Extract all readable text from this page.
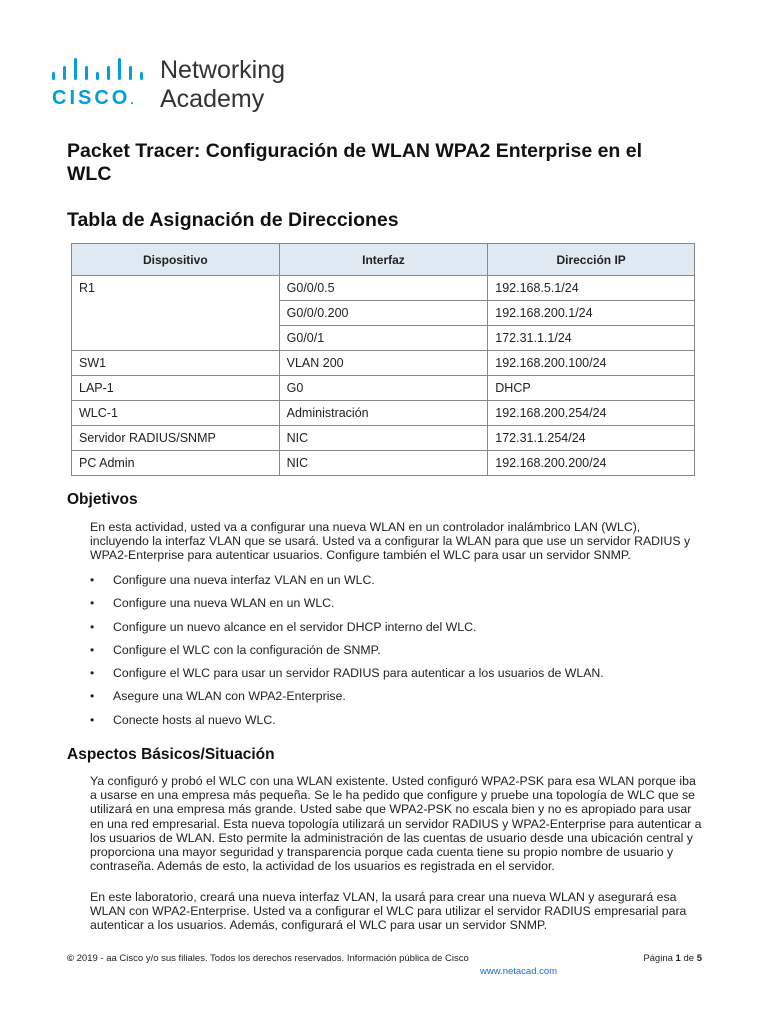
CISCO.
Networking
Academy
Packet Tracer: Configuración de WLAN WPA2 Enterprise en el WLC
Tabla de Asignación de Direcciones
Dispositivo	Interfaz	Dirección IP
R1	G0/0/0.5	192.168.5.1/24
	G0/0/0.200	192.168.200.1/24
	G0/0/1	172.31.1.1/24
SW1	VLAN 200	192.168.200.100/24
LAP-1	G0	DHCP
WLC-1	Administración	192.168.200.254/24
Servidor RADIUS/SNMP	NIC	172.31.1.254/24
PC Admin	NIC	192.168.200.200/24
Objetivos

En esta actividad, usted va a configurar una nueva WLAN en un controlador inalámbrico LAN (WLC), incluyendo la interfaz VLAN que se usará. Usted va a configurar la WLAN para que use un servidor RADIUS y WPA2-Enterprise para autenticar usuarios. Configure también el WLC para usar un servidor SNMP.

• Configure una nueva interfaz VLAN en un WLC.
• Configure una nueva WLAN en un WLC.
• Configure un nuevo alcance en el servidor DHCP interno del WLC.
• Configure el WLC con la configuración de SNMP.
• Configure el WLC para usar un servidor RADIUS para autenticar a los usuarios de WLAN.
• Asegure una WLAN con WPA2-Enterprise.
• Conecte hosts al nuevo WLC.
Aspectos Básicos/Situación

Ya configuró y probó el WLC con una WLAN existente. Usted configuró WPA2-PSK para esa WLAN porque iba a usarse en una empresa más pequeña. Se le ha pedido que configure y pruebe una topología de WLC que se utilizará en una empresa más grande. Usted sabe que WPA2-PSK no escala bien y no es apropiado para usar en una red empresarial. Esta nueva topología utilizará un servidor RADIUS y WPA2-Enterprise para autenticar a los usuarios de WLAN. Esto permite la administración de las cuentas de usuario desde una ubicación central y proporciona una mayor seguridad y transparencia porque cada cuenta tiene su propio nombre de usuario y contraseña. Además de esto, la actividad de los usuarios es registrada en el servidor.

En este laboratorio, creará una nueva interfaz VLAN, la usará para crear una nueva WLAN y asegurará esa WLAN con WPA2-Enterprise. Usted va a configurar el WLC para utilizar el servidor RADIUS empresarial para autenticar a los usuarios. Además, configurará el WLC para usar un servidor SNMP.

© 2019 - aa Cisco y/o sus filiales. Todos los derechos reservados. Información pública de Cisco	Página 1 de 5
www.netacad.com
